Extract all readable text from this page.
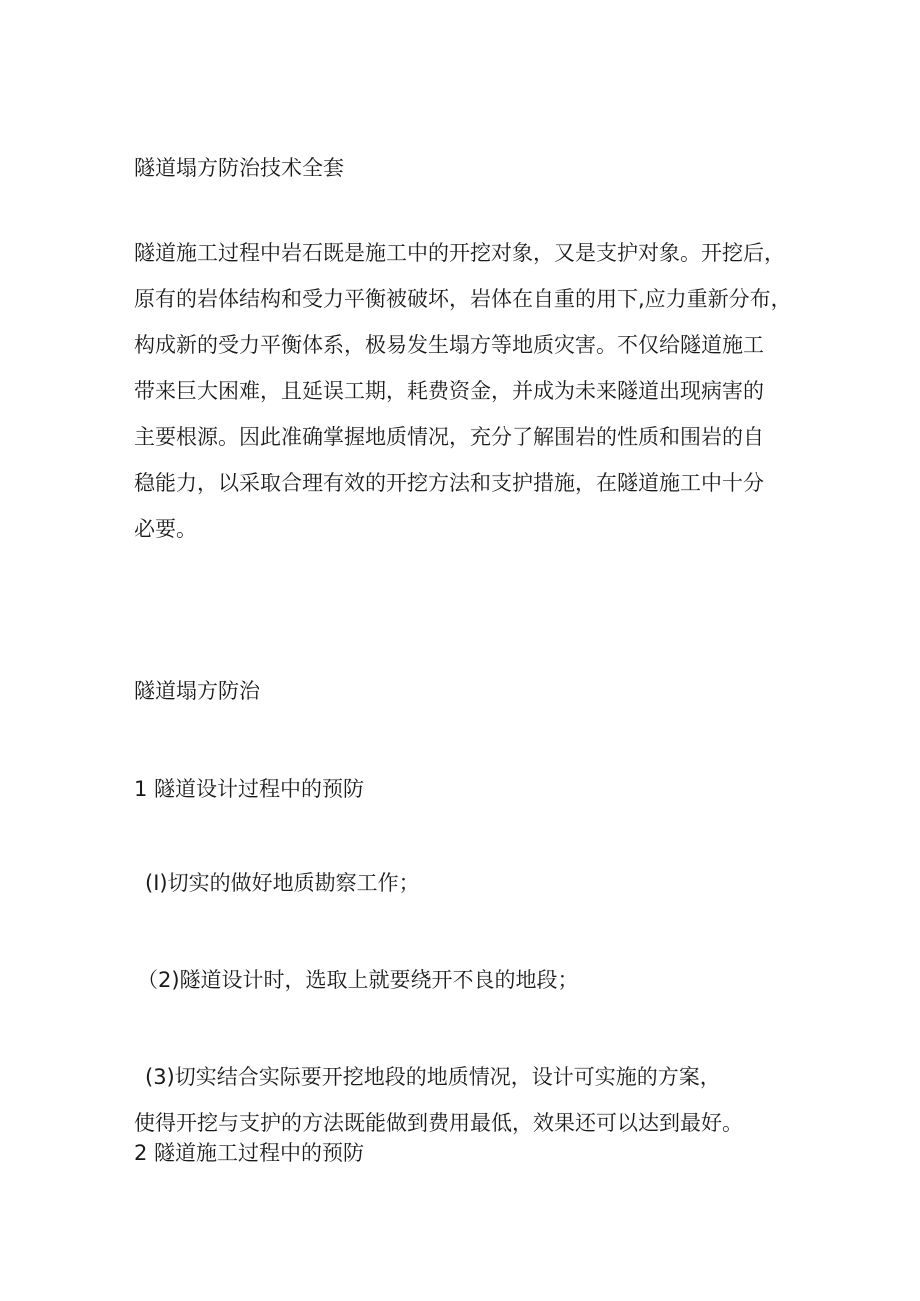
隧道塌方防治技术全套
隧道施工过程中岩石既是施工中的开挖对象，又是支护对象。开挖后，
原有的岩体结构和受力平衡被破坏，岩体在自重的用下,应力重新分布，
构成新的受力平衡体系，极易发生塌方等地质灾害。不仅给隧道施工
带来巨大困难，且延误工期，耗费资金，并成为未来隧道出现病害的
主要根源。因此准确掌握地质情况，充分了解围岩的性质和围岩的自
稳能力，以采取合理有效的开挖方法和支护措施，在隧道施工中十分
必要。

隧道塌方防治

1 隧道设计过程中的预防

(I)切实的做好地质勘察工作；

（2)隧道设计时，选取上就要绕开不良的地段；

(3)切实结合实际要开挖地段的地质情况，设计可实施的方案，

使得开挖与支护的方法既能做到费用最低，效果还可以达到最好。

2 隧道施工过程中的预防
